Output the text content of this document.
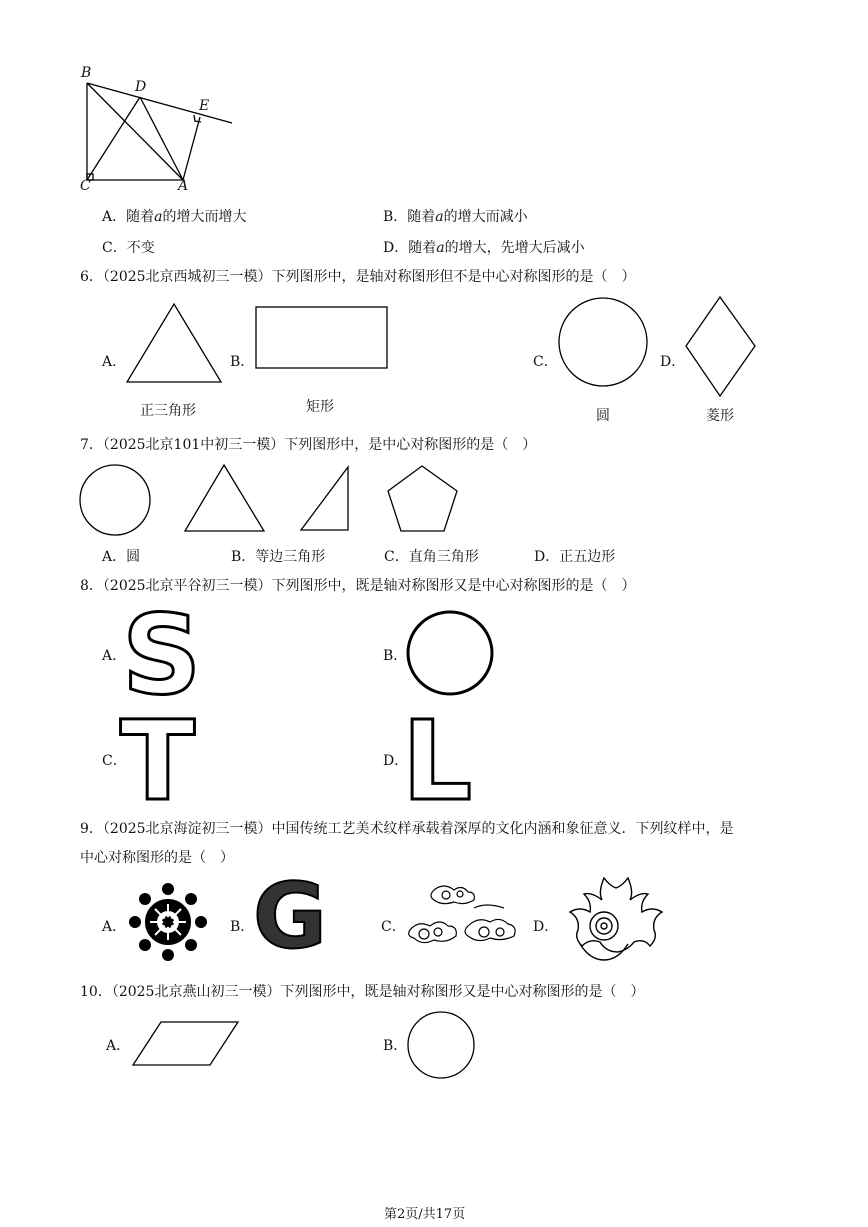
B
D
E
C	A
A．随着a的增大而增大	B．随着a的增大而减小
C．不变	D．随着a的增大，先增大后减小
6．（2025北京西城初三一模）下列图形中，是轴对称图形但不是中心对称图形的是（　）
A．
正三角形
B．
矩形
C．
圆
D．
菱形
7．（2025北京101中初三一模）下列图形中，是中心对称图形的是（　）
A．圆	B．等边三角形	C．直角三角形	D．正五边形
8．（2025北京平谷初三一模）下列图形中，既是轴对称图形又是中心对称图形的是（　）
A．
S	B．
C．
T	D．
L
9．（2025北京海淀初三一模）中国传统工艺美术纹样承载着深厚的文化内涵和象征意义．下列纹样中，是
中心对称图形的是（　）
A．	B．
G	C．	D．
10．（2025北京燕山初三一模）下列图形中，既是轴对称图形又是中心对称图形的是（　）
A．	B．
第2页/共17页
